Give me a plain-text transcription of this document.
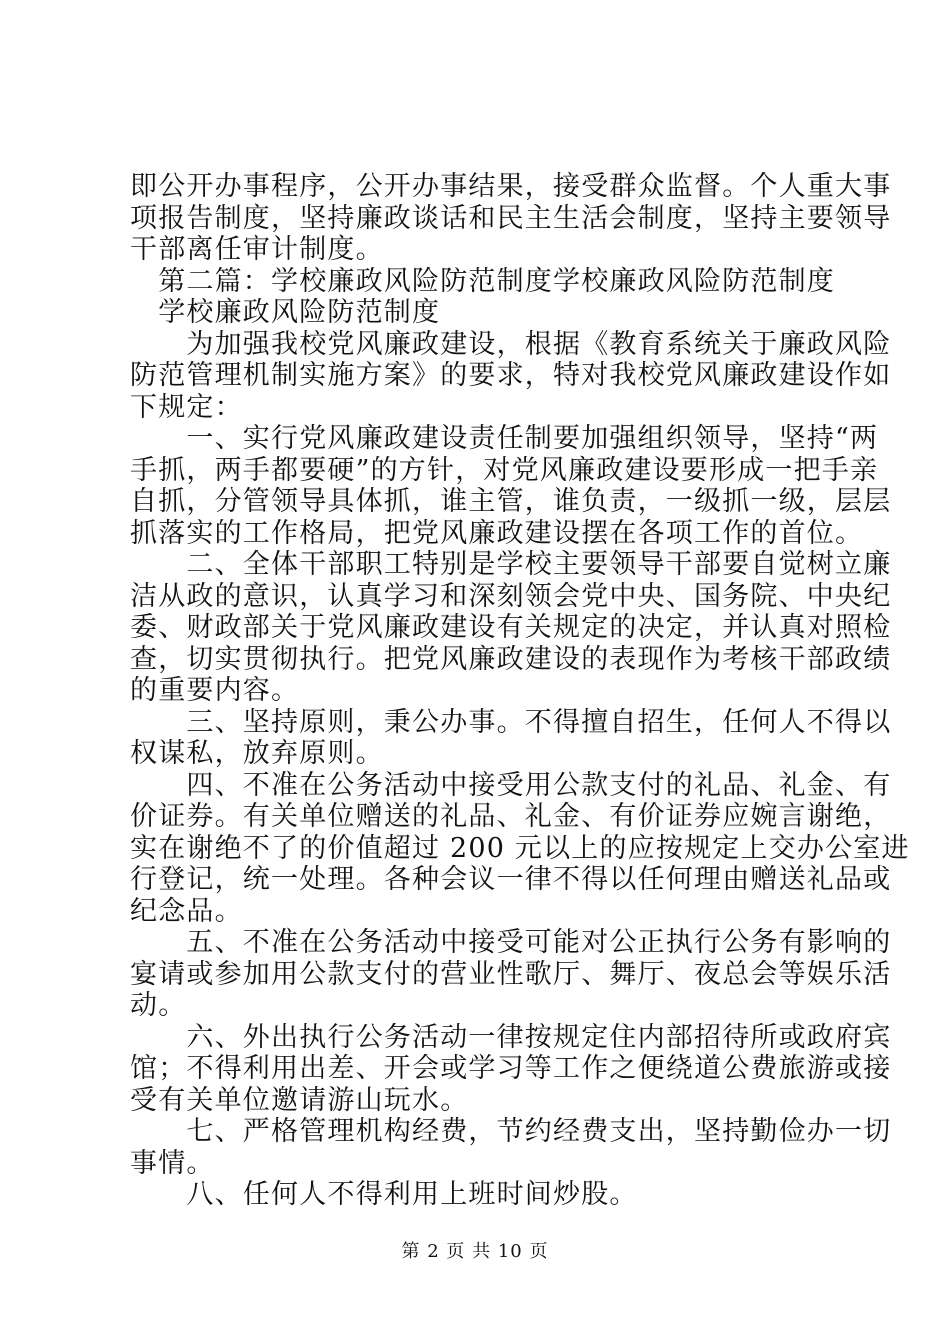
即公开办事程序，公开办事结果，接受群众监督。个人重大事
项报告制度，坚持廉政谈话和民主生活会制度，坚持主要领导
干部离任审计制度。
　第二篇：学校廉政风险防范制度学校廉政风险防范制度
　学校廉政风险防范制度
　　为加强我校党风廉政建设，根据《教育系统关于廉政风险
防范管理机制实施方案》的要求，特对我校党风廉政建设作如
下规定：
　　一、实行党风廉政建设责任制要加强组织领导，坚持“两
手抓，两手都要硬”的方针，对党风廉政建设要形成一把手亲
自抓，分管领导具体抓，谁主管，谁负责，一级抓一级，层层
抓落实的工作格局，把党风廉政建设摆在各项工作的首位。
　　二、全体干部职工特别是学校主要领导干部要自觉树立廉
洁从政的意识，认真学习和深刻领会党中央、国务院、中央纪
委、财政部关于党风廉政建设有关规定的决定，并认真对照检
查，切实贯彻执行。把党风廉政建设的表现作为考核干部政绩
的重要内容。
　　三、坚持原则，秉公办事。不得擅自招生，任何人不得以
权谋私，放弃原则。
　　四、不准在公务活动中接受用公款支付的礼品、礼金、有
价证券。有关单位赠送的礼品、礼金、有价证券应婉言谢绝，
实在谢绝不了的价值超过 200 元以上的应按规定上交办公室进
行登记，统一处理。各种会议一律不得以任何理由赠送礼品或
纪念品。
　　五、不准在公务活动中接受可能对公正执行公务有影响的
宴请或参加用公款支付的营业性歌厅、舞厅、夜总会等娱乐活
动。
　　六、外出执行公务活动一律按规定住内部招待所或政府宾
馆；不得利用出差、开会或学习等工作之便绕道公费旅游或接
受有关单位邀请游山玩水。
　　七、严格管理机构经费，节约经费支出，坚持勤俭办一切
事情。
　　八、任何人不得利用上班时间炒股。
第 2 页 共 10 页
